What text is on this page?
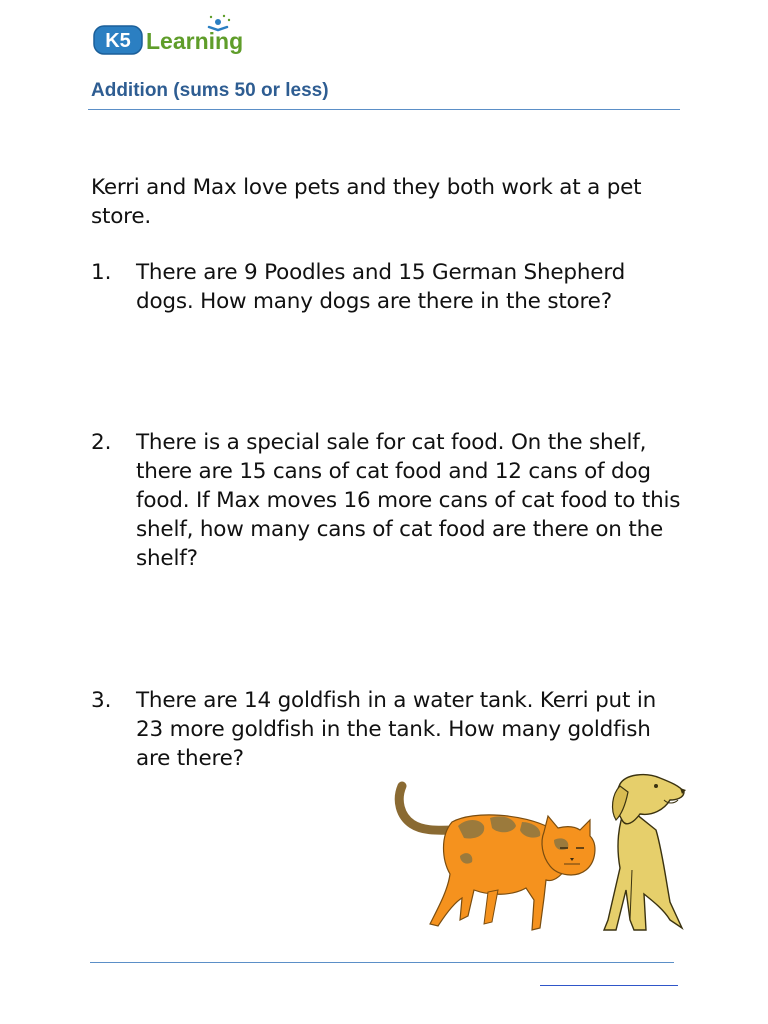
K5 Learning
Addition (sums 50 or less)

Kerri and Max love pets and they both work at a pet store.

1. There are 9 Poodles and 15 German Shepherd dogs. How many dogs are there in the store?

2. There is a special sale for cat food. On the shelf, there are 15 cans of cat food and 12 cans of dog food. If Max moves 16 more cans of cat food to this shelf, how many cans of cat food are there on the shelf?

3. There are 14 goldfish in a water tank. Kerri put in 23 more goldfish in the tank. How many goldfish are there?
